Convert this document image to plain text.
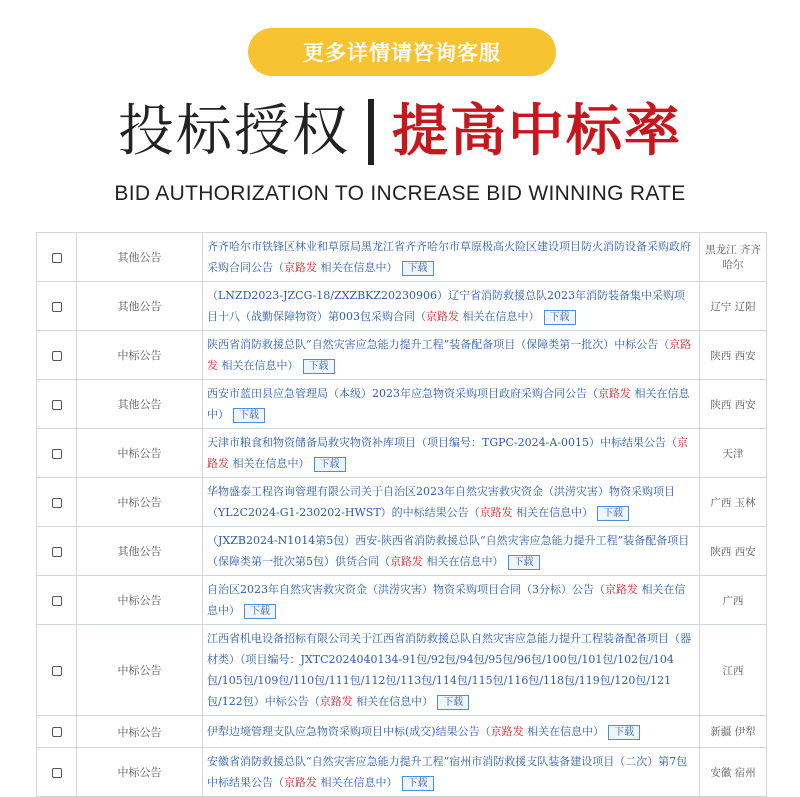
更多详情请咨询客服
投标授权 提高中标率
BID AUTHORIZATION TO INCREASE BID WINNING RATE
	其他公告	齐齐哈尔市铁锋区林业和草原局黑龙江省齐齐哈尔市草原极高火险区建设项目防火消防设备采购政府采购合同公告（京路发 相关在信息中） 下载	黑龙江 齐齐哈尔
	其他公告	（LNZD2023-JZCG-18/ZXZBKZ20230906）辽宁省消防救援总队2023年消防装备集中采购项目十八（战勤保障物资）第003包采购合同（京路发 相关在信息中） 下载	辽宁 辽阳
	中标公告	陕西省消防救援总队“自然灾害应急能力提升工程”装备配备项目（保障类第一批次）中标公告（京路发 相关在信息中） 下载	陕西 西安
	其他公告	西安市蓝田县应急管理局（本级）2023年应急物资采购项目政府采购合同公告（京路发 相关在信息中） 下载	陕西 西安
	中标公告	天津市粮食和物资储备局救灾物资补库项目（项目编号：TGPC-2024-A-0015）中标结果公告（京路发 相关在信息中） 下载	天津
	中标公告	华物盛泰工程咨询管理有限公司关于自治区2023年自然灾害救灾资金（洪涝灾害）物资采购项目（YL2C2024-G1-230202-HWST）的中标结果公告（京路发 相关在信息中） 下载	广西 玉林
	其他公告	（JXZB2024-N1014第5包）西安-陕西省消防救援总队“自然灾害应急能力提升工程”装备配备项目（保障类第一批次第5包）供货合同（京路发 相关在信息中） 下载	陕西 西安
	中标公告	自治区2023年自然灾害救灾资金（洪涝灾害）物资采购项目合同（3分标）公告（京路发 相关在信息中） 下载	广西
	中标公告	江西省机电设备招标有限公司关于江西省消防救援总队自然灾害应急能力提升工程装备配备项目（器材类）（项目编号：JXTC2024040134-91包/92包/94包/95包/96包/100包/101包/102包/104包/105包/109包/110包/111包/112包/113包/114包/115包/116包/118包/119包/120包/121包/122包）中标公告（京路发 相关在信息中） 下载	江西
	中标公告	伊犁边境管理支队应急物资采购项目中标(成交)结果公告（京路发 相关在信息中） 下载	新疆 伊犁
	中标公告	安徽省消防救援总队“自然灾害应急能力提升工程”宿州市消防救援支队装备建设项目（二次）第7包中标结果公告（京路发 相关在信息中） 下载	安徽 宿州
